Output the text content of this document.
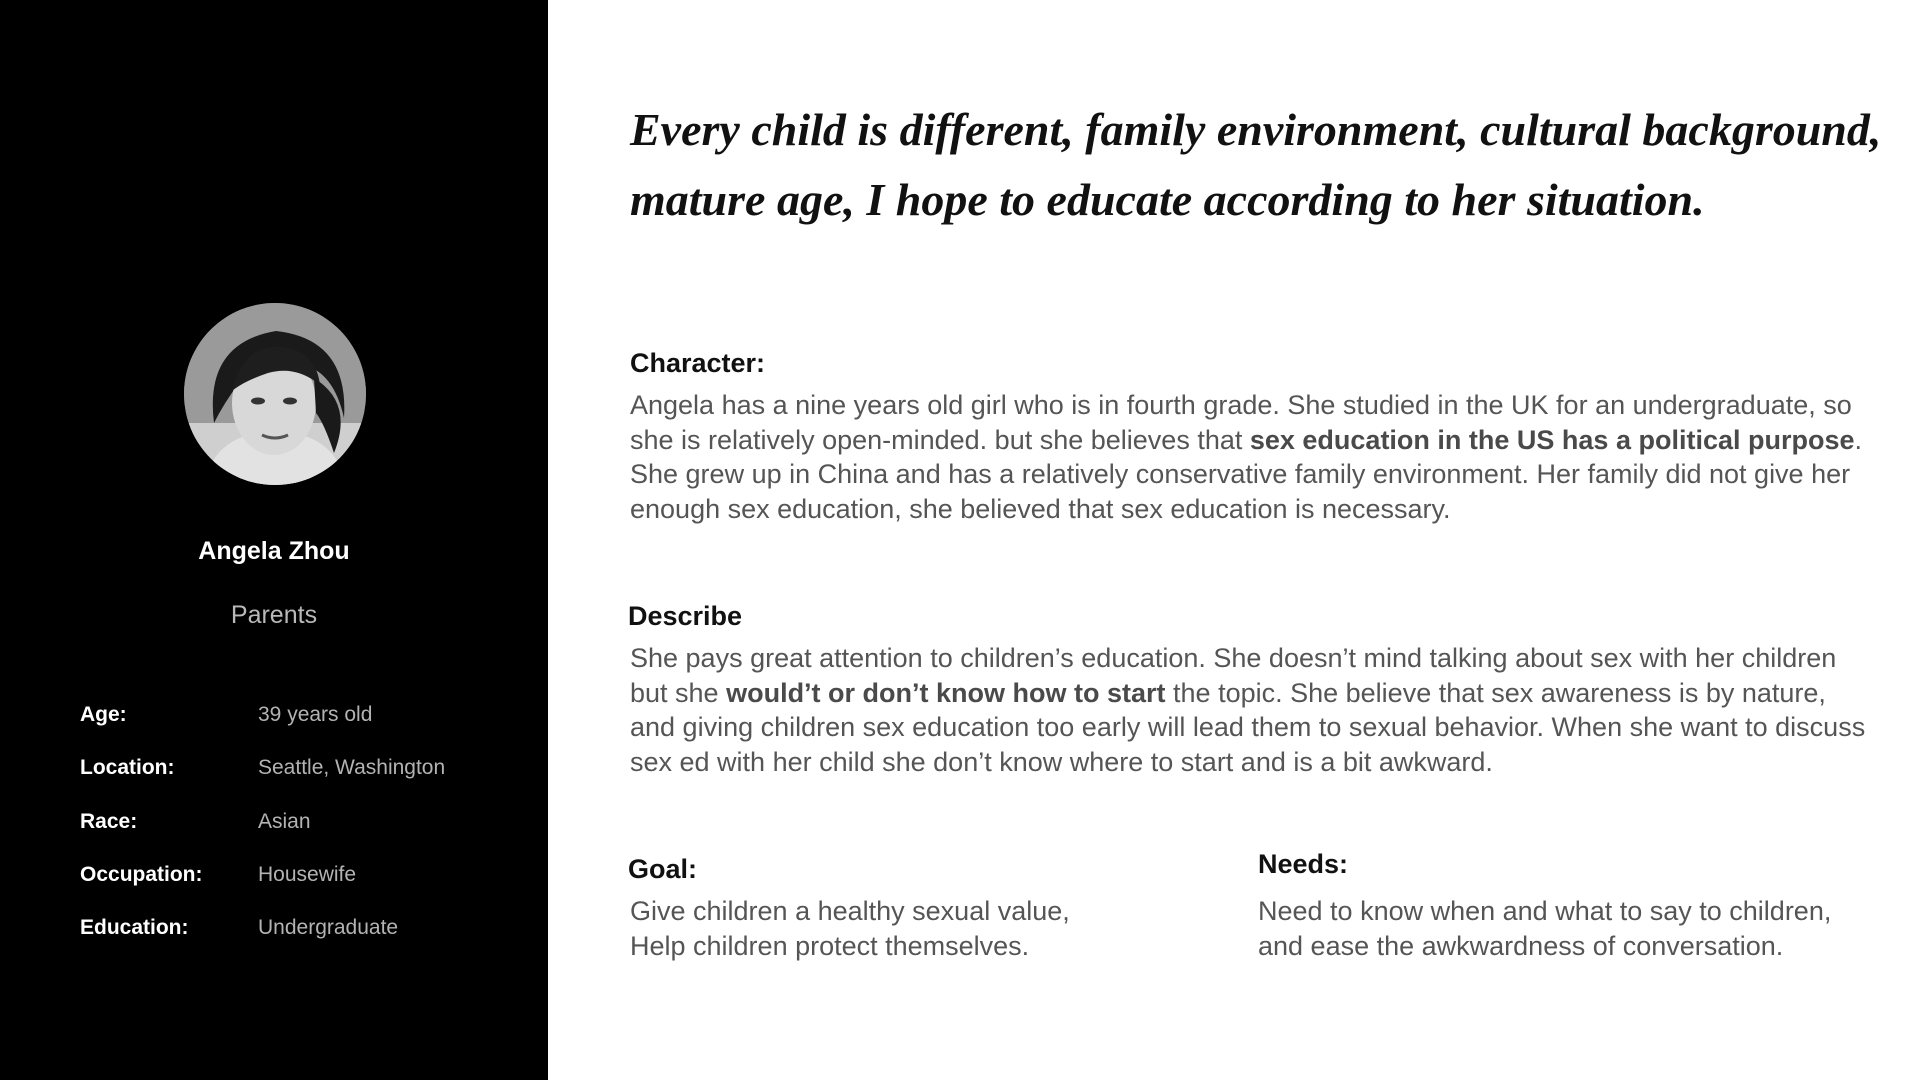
Angela Zhou
Parents
Age:	39 years old
Location:	Seattle, Washington
Race:	Asian
Occupation:	Housewife
Education:	Undergraduate
Every child is different, family environment, cultural background,
mature age, I hope to educate according to her situation.
Character:
Angela has a nine years old girl who is in fourth grade. She studied in the UK for an undergraduate, so she is relatively open-minded. but she believes that sex education in the US has a political purpose. She grew up in China and has a relatively conservative family environment. Her family did not give her enough sex education, she believed that sex education is necessary.
Describe
She pays great attention to children’s education. She doesn’t mind talking about sex with her children but she would’t or don’t know how to start the topic. She believe that sex awareness is by nature, and giving children sex education too early will lead them to sexual behavior. When she want to discuss sex ed with her child she don’t know where to start and is a bit awkward.
Goal:
Give children a healthy sexual value,
Help children protect themselves.
Needs:
Need to know when and what to say to children, and ease the awkwardness of conversation.
